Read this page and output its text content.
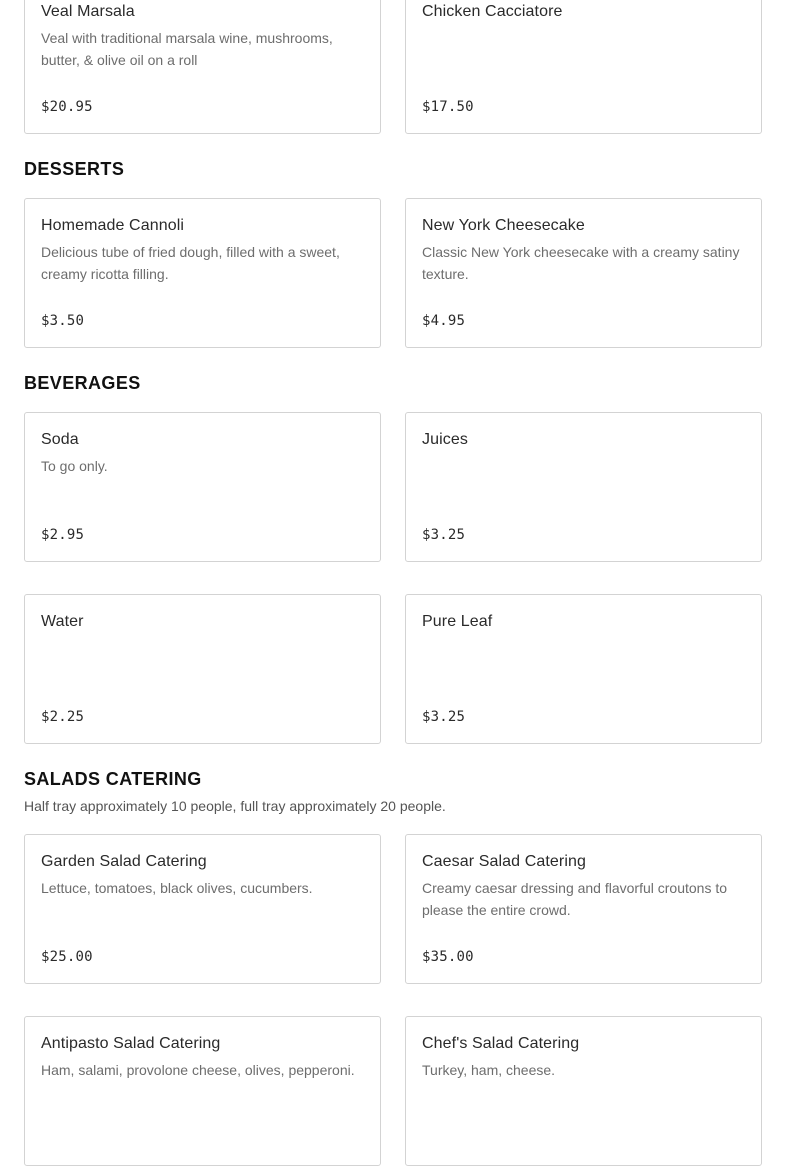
Veal Marsala
Veal with traditional marsala wine, mushrooms, butter, & olive oil on a roll
$20.95
Chicken Cacciatore
$17.50
DESSERTS
Homemade Cannoli
Delicious tube of fried dough, filled with a sweet, creamy ricotta filling.
$3.50
New York Cheesecake
Classic New York cheesecake with a creamy satiny texture.
$4.95
BEVERAGES
Soda
To go only.
$2.95
Juices
$3.25
Water
$2.25
Pure Leaf
$3.25
SALADS CATERING
Half tray approximately 10 people, full tray approximately 20 people.
Garden Salad Catering
Lettuce, tomatoes, black olives, cucumbers.
$25.00
Caesar Salad Catering
Creamy caesar dressing and flavorful croutons to please the entire crowd.
$35.00
Antipasto Salad Catering
Ham, salami, provolone cheese, olives, pepperoni.
Chef's Salad Catering
Turkey, ham, cheese.
